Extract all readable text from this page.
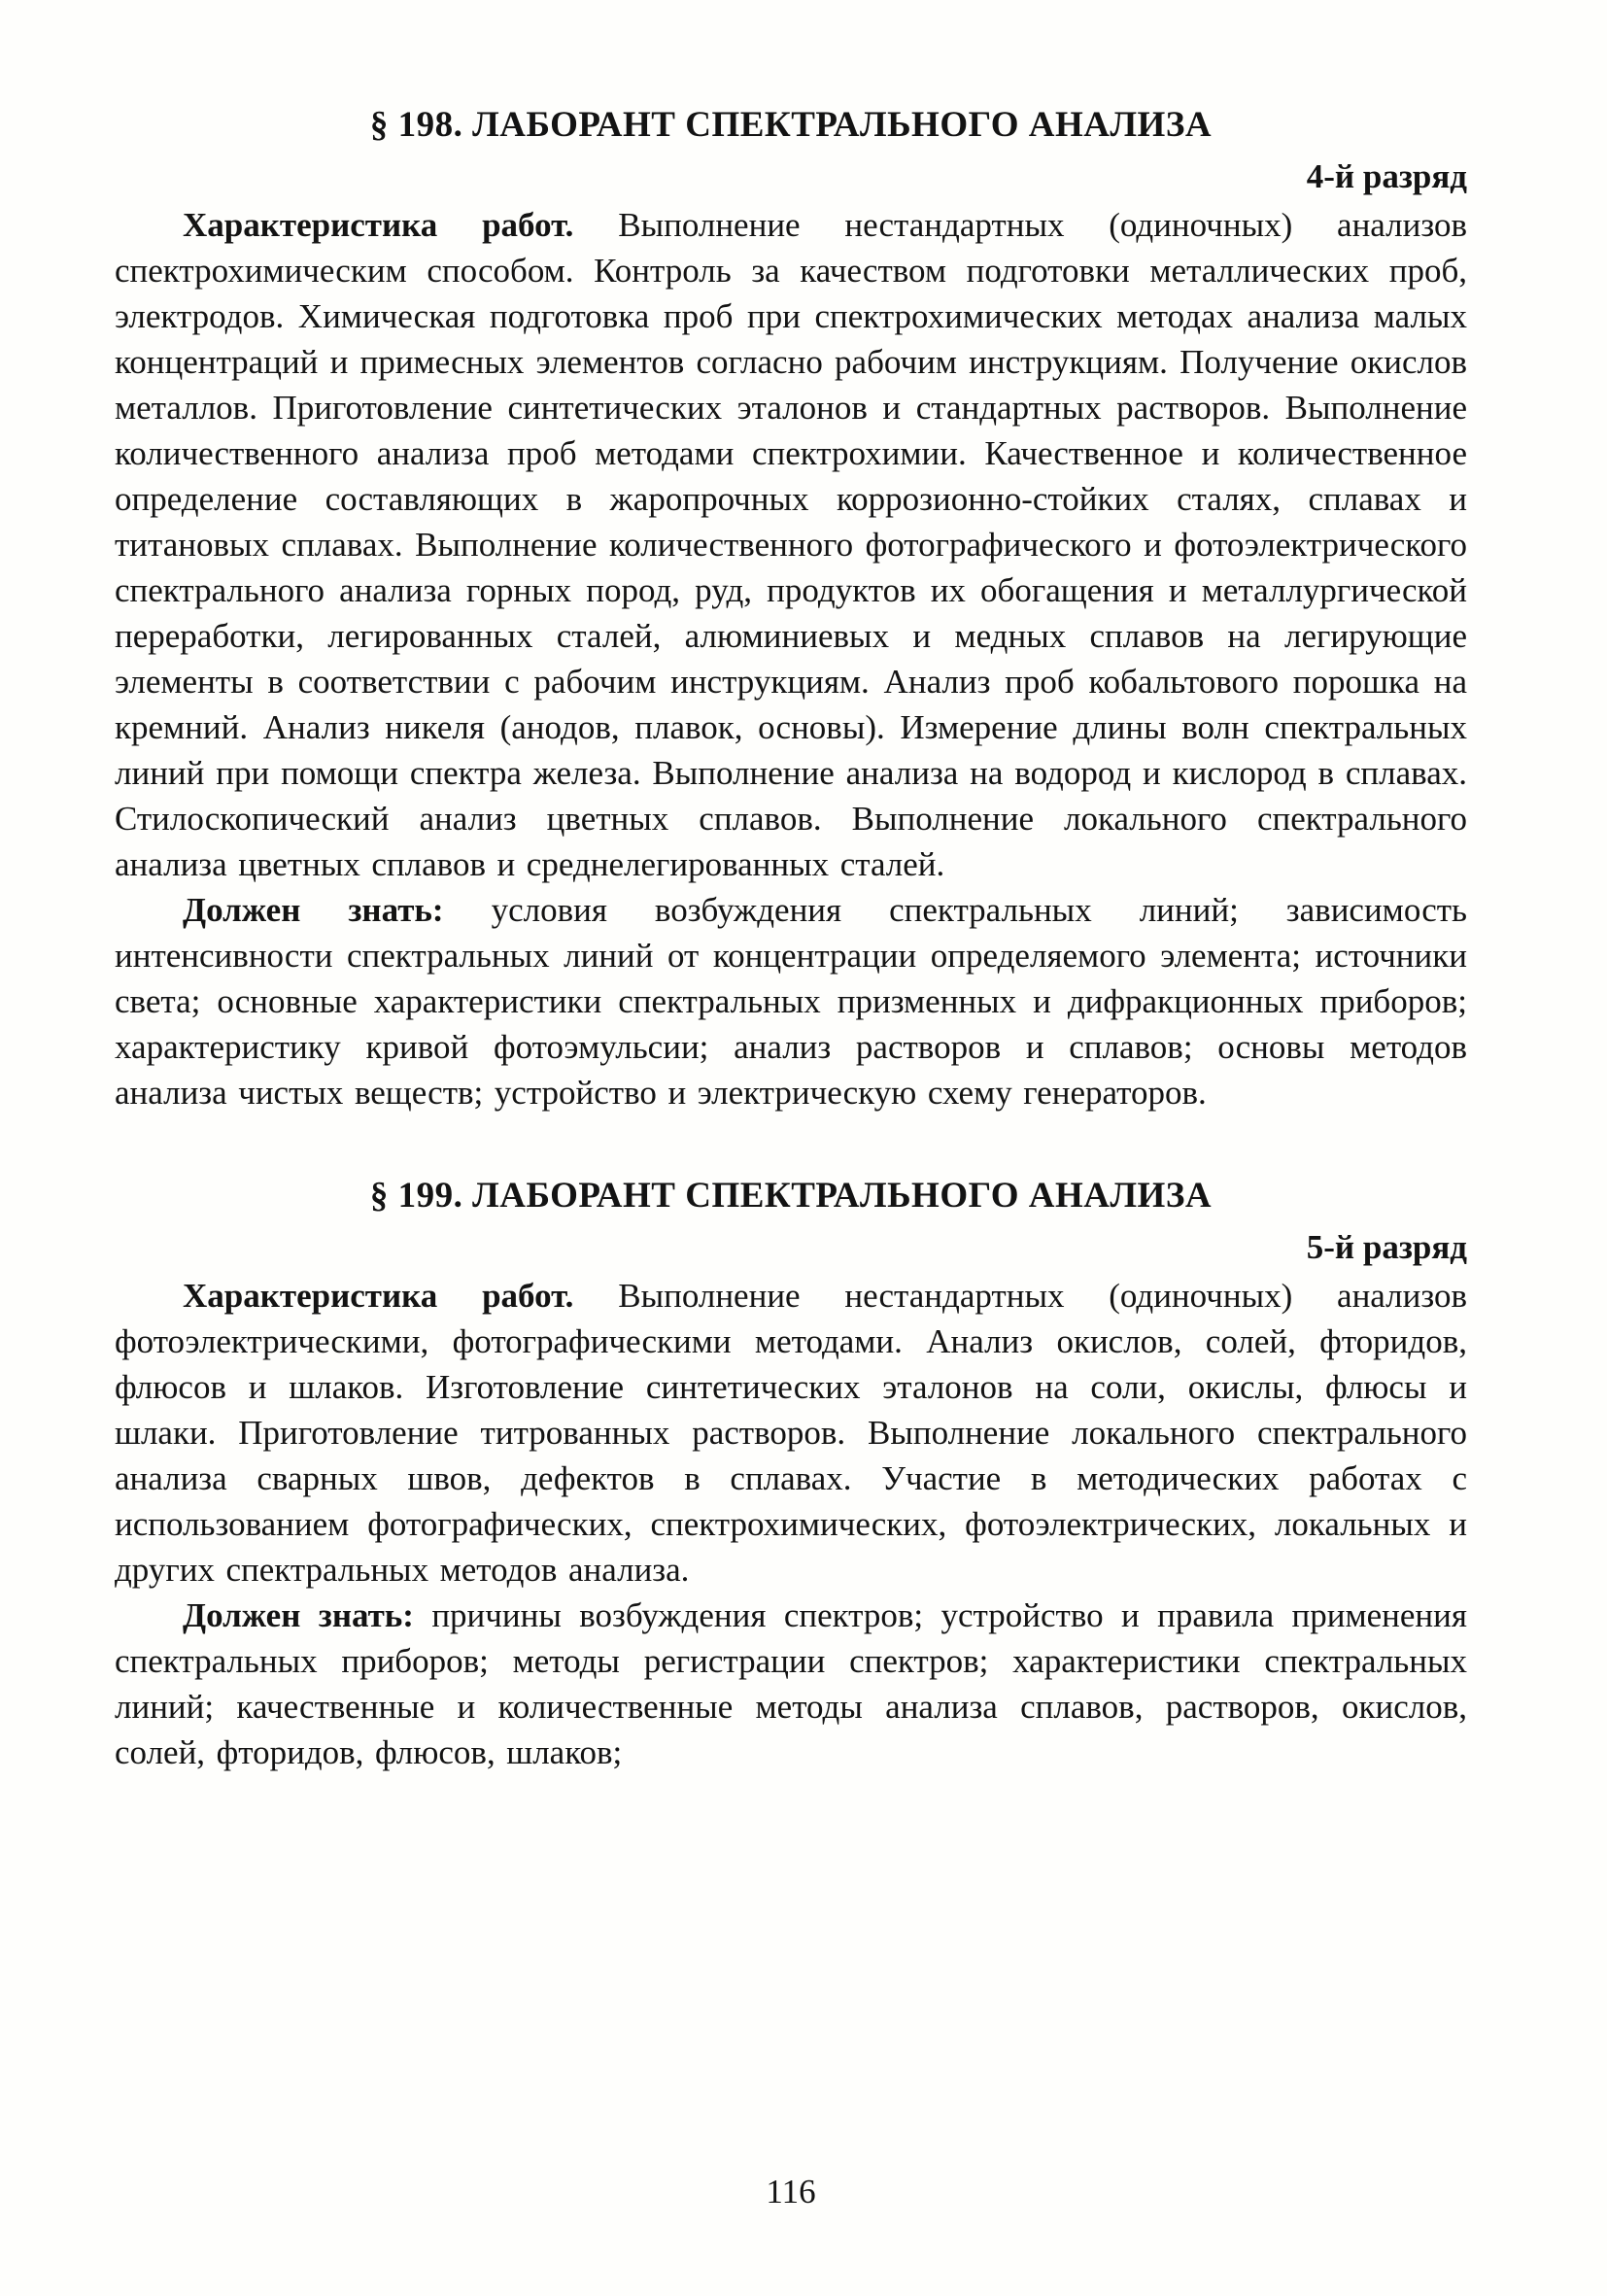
§ 198. ЛАБОРАНТ СПЕКТРАЛЬНОГО АНАЛИЗА
4-й разряд

Характеристика работ. Выполнение нестандартных (одиночных) анализов спектрохимическим способом. Контроль за качеством подготовки металлических проб, электродов. Химическая подготовка проб при спектрохимических методах анализа малых концентраций и примесных элементов согласно рабочим инструкциям. Получение окислов металлов. Приготовление синтетических эталонов и стандартных растворов. Выполнение количественного анализа проб методами спектрохимии. Качественное и количественное определение составляющих в жаропрочных коррозионно-стойких сталях, сплавах и титановых сплавах. Выполнение количественного фотографического и фотоэлектрического спектрального анализа горных пород, руд, продуктов их обогащения и металлургической переработки, легированных сталей, алюминиевых и медных сплавов на легирующие элементы в соответствии с рабочим инструкциям. Анализ проб кобальтового порошка на кремний. Анализ никеля (анодов, плавок, основы). Измерение длины волн спектральных линий при помощи спектра железа. Выполнение анализа на водород и кислород в сплавах. Стилоскопический анализ цветных сплавов. Выполнение локального спектрального анализа цветных сплавов и среднелегированных сталей.

Должен знать: условия возбуждения спектральных линий; зависимость интенсивности спектральных линий от концентрации определяемого элемента; источники света; основные характеристики спектральных призменных и дифракционных приборов; характеристику кривой фотоэмульсии; анализ растворов и сплавов; основы методов анализа чистых веществ; устройство и электрическую схему генераторов.

§ 199. ЛАБОРАНТ СПЕКТРАЛЬНОГО АНАЛИЗА
5-й разряд

Характеристика работ. Выполнение нестандартных (одиночных) анализов фотоэлектрическими, фотографическими методами. Анализ окислов, солей, фторидов, флюсов и шлаков. Изготовление синтетических эталонов на соли, окислы, флюсы и шлаки. Приготовление титрованных растворов. Выполнение локального спектрального анализа сварных швов, дефектов в сплавах. Участие в методических работах с использованием фотографических, спектрохимических, фотоэлектрических, локальных и других спектральных методов анализа.

Должен знать: причины возбуждения спектров; устройство и правила применения спектральных приборов; методы регистрации спектров; характеристики спектральных линий; качественные и количественные методы анализа сплавов, растворов, окислов, солей, фторидов, флюсов, шлаков;

116
